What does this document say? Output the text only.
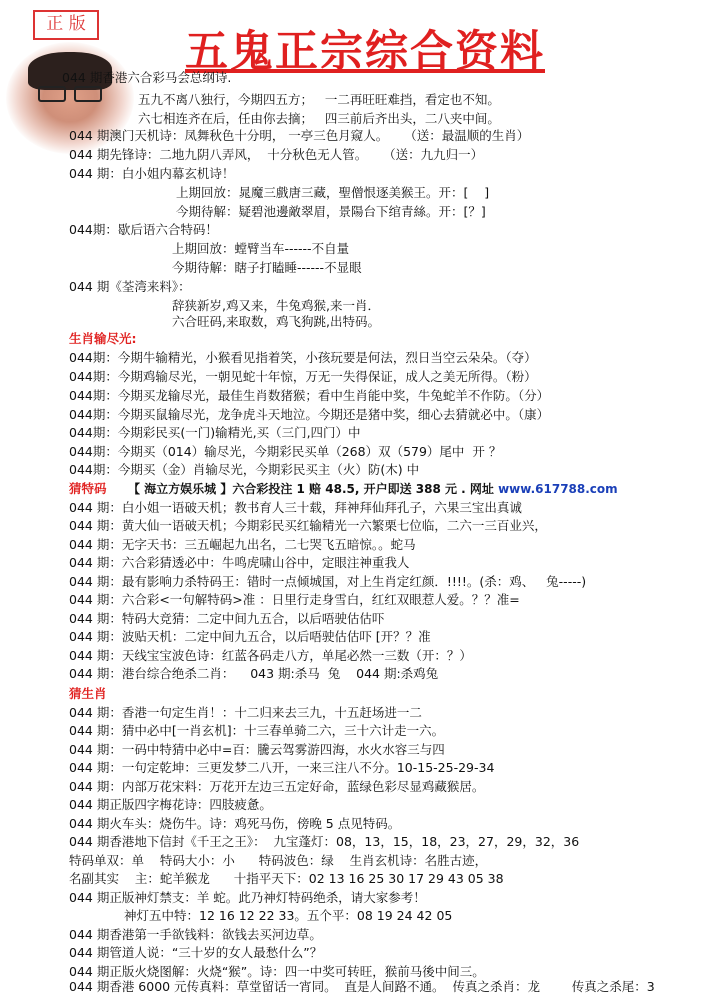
正 版
五鬼正宗综合资料
044 期香港六合彩马会总纲诗.
五九不离八独行，今期四五方；   一二再旺旺难挡，看定也不知。
六七相连齐在后，任由你去摘；   四三前后齐出头，二八夹中间。
044 期澳门天机诗：凤舞秋色十分明， 一亭三色月窥人。    （送：最温顺的生肖）
044 期先锋诗：二地九阴八弄风，  十分秋色无人管。    （送：九九归一）
044 期：白小姐内幕玄机诗！
上期回放：晁魔三戲唐三藏，聖僧恨逐美猴王。开：[    ]
今期待解：疑碧池邊敵翠眉，景陽台下绾青絲。开：[？]
044期：歇后语六合特码！
上期回放：螳臂当车------不自量
今期待解：瞎子打瞌睡------不显眼
044 期《荃湾来料》：
辞狭新岁,鸡又来，牛兔鸡猴,来一肖．
六合旺码,来取数，鸡飞狗跳,出特码。
生肖输尽光:
044期：今期牛输精光，小猴看见指着笑，小孩玩要是何法，烈日当空云朵朵。（夺）
044期：今期鸡输尽光，一朝见蛇十年惊，万无一失得保证，成人之美无所得。（粉）
044期：今期买龙输尽光，最佳生肖数猪猴；看中生肖能中奖，牛兔蛇羊不作防。（分）
044期：今期买鼠输尽光，龙争虎斗天地泣。今期还是猪中奖，细心去猜就必中。（康）
044期：今期彩民买(一门)输精光,买（三门,四门）中
044期：今期买（014）输尽光，今期彩民买单（268）双（579）尾中  开 ？
044期：今期买（金）肖输尽光，今期彩民买主（火）防(木) 中
猜特码 【 海立方娱乐城 】六合彩投注 1 赔 48.5, 开户即送 388 元 . 网址 www.617788.com
044 期：白小姐一语破天机；教书育人三十载，拜神拜仙拜孔子，六果三宝出真诚
044 期：黄大仙一语破天机；今期彩民买红输精光一六繁栗七位临，二六一三百业兴，
044 期：无字天书：三五崛起九出名，二七哭飞五暗惊。。蛇马
044 期：六合彩猜透必中：牛鸣虎啸山谷中，定眼注神重我人
044 期：最有影响力杀特码王：错时一点倾城国，对上生肖定红颜．!!!!。(杀：鸡、   兔-----)
044 期：六合彩<一句解特码>准 ：日里行走身雪白，红红双眼惹人爱。？？准=
044 期：特码大竞猜：二定中间九五合，以后唔驶估估吓
044 期：波贴天机：二定中间九五合，以后唔驶估估吓 [开？？准
044 期：天线宝宝波色诗：红蓝各码走八方，单尾必然一三数（开：？）
044 期：港台综合绝杀二肖：    043 期:杀马  兔    044 期:杀鸡兔
猜生肖
044 期：香港一句定生肖！：十二归来去三九，十五赶场进一二
044 期：猜中必中[一肖玄机]：十三春单骑二六，三十六计走一六。
044 期：一码中特猜中必中=百：騰云驾雾游四海，水火水容三与四
044 期：一句定乾坤：三更发梦二八开，一来三注八不分。10-15-25-29-34
044 期：内部万花宋料：万花开左边三五定好命，蓝绿色彩尽显鸡藏猴居。
044 期正版四字梅花诗：四肢疲惫。
044 期火车头：烧伤牛。诗：鸡死马伤，傍晚 5 点见特码。
044 期香港地下信封《千王之王》：  九宝蓬灯：08，13，15，18，23，27，29，32，36
特码单双：单    特码大小：小      特码波色：绿    生肖玄机诗：名胜古迹，
名副其实    主：蛇羊猴龙      十指平天下：02 13 16 25 30 17 29 43 05 38
044 期正版神灯禁支：羊 蛇。此乃神灯特码绝杀，请大家参考！
神灯五中特：12 16 12 22 33。五个平：08 19 24 42 05
044 期香港第一手欲钱料：欲钱去买河边草。
044 期管道人说：“三十岁的女人最愁什么”？
044 期正版火烧图解：火烧“猴”。诗：四一中奖可转旺，猴前马後中间三。
044 期香港 6000 元传真料：草堂留话一宵同。  直是人间路不通。  传真之杀肖：龙        传真之杀尾：3
